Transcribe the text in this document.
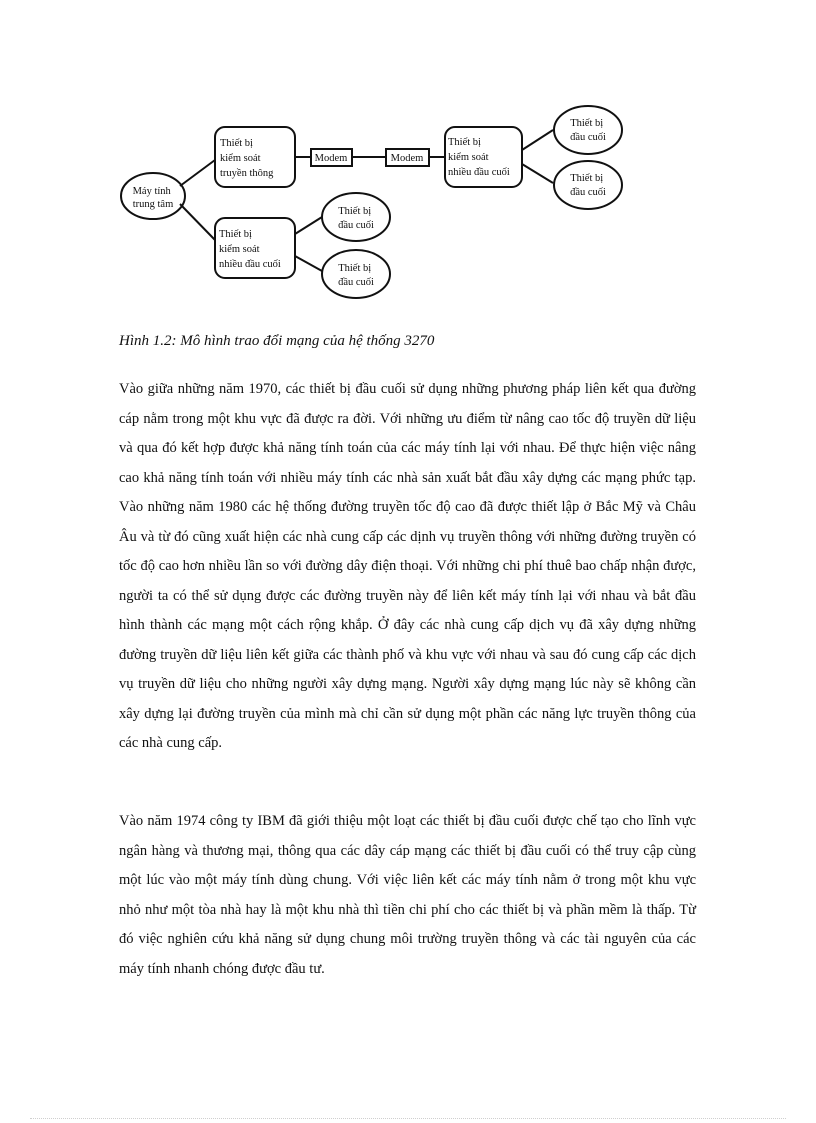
Máy tính trung tâm
Thiết bị kiểm soát truyền thông
Modem	Modem
Thiết bị kiểm soát nhiều đầu cuối
Thiết bị kiểm soát nhiều đầu cuối
Thiết bị đầu cuối
Thiết bị đầu cuối
Thiết bị đầu cuối
Thiết bị đầu cuối
Hình 1.2: Mô hình trao đổi mạng của hệ thống 3270

Vào giữa những năm 1970, các thiết bị đầu cuối sử dụng những phương pháp liên kết qua đường cáp nằm trong một khu vực đã được ra đời. Với những ưu điểm từ nâng cao tốc độ truyền dữ liệu và qua đó kết hợp được khả năng tính toán của các máy tính lại với nhau. Để thực hiện việc nâng cao khả năng tính toán với nhiều máy tính các nhà sản xuất bắt đầu xây dựng các mạng phức tạp. Vào những năm 1980 các hệ thống đường truyền tốc độ cao đã được thiết lập ở Bắc Mỹ và Châu Âu và từ đó cũng xuất hiện các nhà cung cấp các dịnh vụ truyền thông với những đường truyền có tốc độ cao hơn nhiều lần so với đường dây điện thoại. Với những chi phí thuê bao chấp nhận được, người ta có thể sử dụng được các đường truyền này để liên kết máy tính lại với nhau và bắt đầu hình thành các mạng một cách rộng khắp. Ở đây các nhà cung cấp dịch vụ đã xây dựng những đường truyền dữ liệu liên kết giữa các thành phố và khu vực với nhau và sau đó cung cấp các dịch vụ truyền dữ liệu cho những người xây dựng mạng. Người xây dựng mạng lúc này sẽ không cần xây dựng lại đường truyền của mình mà chỉ cần sử dụng một phần các năng lực truyền thông của các nhà cung cấp.

Vào năm 1974 công ty IBM đã giới thiệu một loạt các thiết bị đầu cuối được chế tạo cho lĩnh vực ngân hàng và thương mại, thông qua các dây cáp mạng các thiết bị đầu cuối có thể truy cập cùng một lúc vào một máy tính dùng chung. Với việc liên kết các máy tính nằm ở trong một khu vực nhỏ như một tòa nhà hay là một khu nhà thì tiền chi phí cho các thiết bị và phần mềm là thấp. Từ đó việc nghiên cứu khả năng sử dụng chung môi trường truyền thông và các tài nguyên của các máy tính nhanh chóng được đầu tư.
